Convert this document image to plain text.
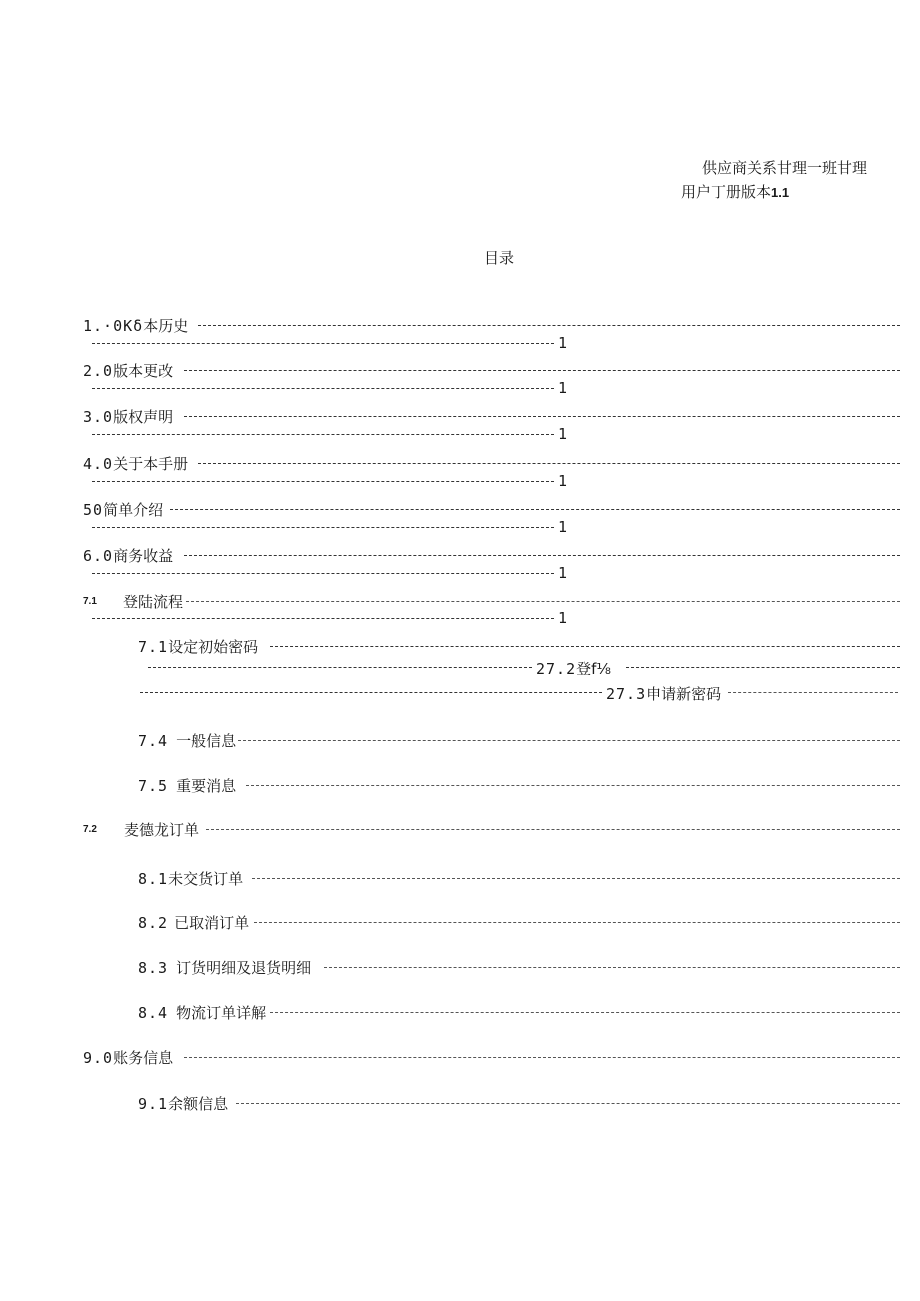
供应商关系甘理一班甘理
用户丁册版本1.1
目录
1.·0Kδ本历史
1
2.0版本更改
1
3.0版权声明
1
4.0关于本手册
1
50简单介绍
1
6.0商务收益
1
7.1 登陆流程
1
7.1设定初始密码
27.2登f⅛
27.3申请新密码
7.4 一般信息
7.5 重要消息
7.2 麦德龙订单
8.1未交货订单
8.2 已取消订单
8.3 订货明细及退货明细
8.4 物流订单详解
9.0账务信息
9.1余额信息
